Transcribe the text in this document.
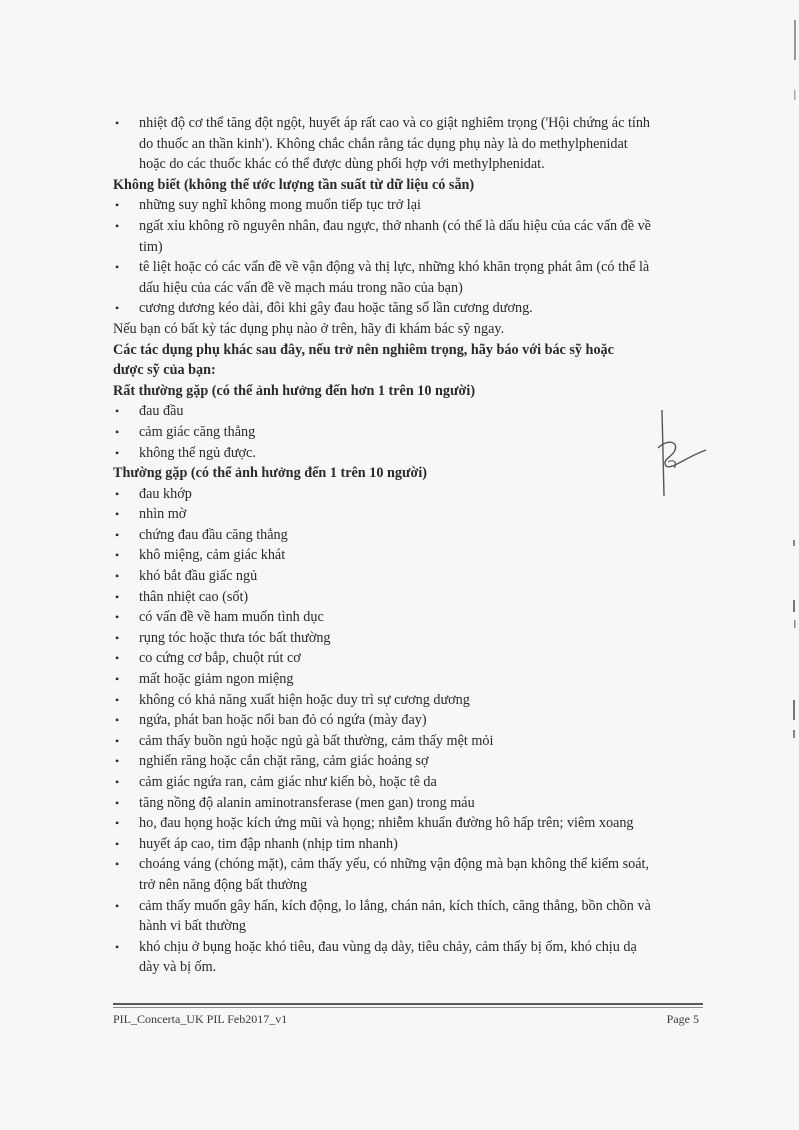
• nhiệt độ cơ thể tăng đột ngột, huyết áp rất cao và co giật nghiêm trọng ('Hội chứng ác tính
do thuốc an thần kinh'). Không chắc chắn rằng tác dụng phụ này là do methylphenidat
hoặc do các thuốc khác có thể được dùng phối hợp với methylphenidat.
Không biết (không thể ước lượng tần suất từ dữ liệu có sẵn)
• những suy nghĩ không mong muốn tiếp tục trở lại
• ngất xỉu không rõ nguyên nhân, đau ngực, thở nhanh (có thể là dấu hiệu của các vấn đề về
tim)
• tê liệt hoặc có các vấn đề về vận động và thị lực, những khó khăn trọng phát âm (có thể là
dấu hiệu của các vấn đề về mạch máu trong não của bạn)
• cương dương kéo dài, đôi khi gây đau hoặc tăng số lần cương dương.

Nếu bạn có bất kỳ tác dụng phụ nào ở trên, hãy đi khám bác sỹ ngay.

Các tác dụng phụ khác sau đây, nếu trở nên nghiêm trọng, hãy báo với bác sỹ hoặc
dược sỹ của bạn:
Rất thường gặp (có thể ảnh hưởng đến hơn 1 trên 10 người)
• đau đầu
• cảm giác căng thẳng
• không thể ngủ được.
Thường gặp (có thể ảnh hưởng đến 1 trên 10 người)
• đau khớp
• nhìn mờ
• chứng đau đầu căng thẳng
• khô miệng, cảm giác khát
• khó bắt đầu giấc ngủ
• thân nhiệt cao (sốt)
• có vấn đề về ham muốn tình dục
• rụng tóc hoặc thưa tóc bất thường
• co cứng cơ bắp, chuột rút cơ
• mất hoặc giảm ngon miệng
• không có khả năng xuất hiện hoặc duy trì sự cương dương
• ngứa, phát ban hoặc nổi ban đỏ có ngứa (mày đay)
• cảm thấy buồn ngủ hoặc ngủ gà bất thường, cảm thấy mệt mỏi
• nghiến răng hoặc cắn chặt răng, cảm giác hoảng sợ
• cảm giác ngứa ran, cảm giác như kiến bò, hoặc tê da
• tăng nồng độ alanin aminotransferase (men gan) trong máu
• ho, đau họng hoặc kích ứng mũi và họng; nhiễm khuẩn đường hô hấp trên; viêm xoang
• huyết áp cao, tim đập nhanh (nhịp tim nhanh)
• choáng váng (chóng mặt), cảm thấy yếu, có những vận động mà bạn không thể kiểm soát,
trở nên năng động bất thường
• cảm thấy muốn gây hấn, kích động, lo lắng, chán nản, kích thích, căng thẳng, bồn chồn và
hành vi bất thường
• khó chịu ở bụng hoặc khó tiêu, đau vùng dạ dày, tiêu chảy, cảm thấy bị ốm, khó chịu dạ
dày và bị ốm.
PIL_Concerta_UK PIL Feb2017_v1	Page 5
